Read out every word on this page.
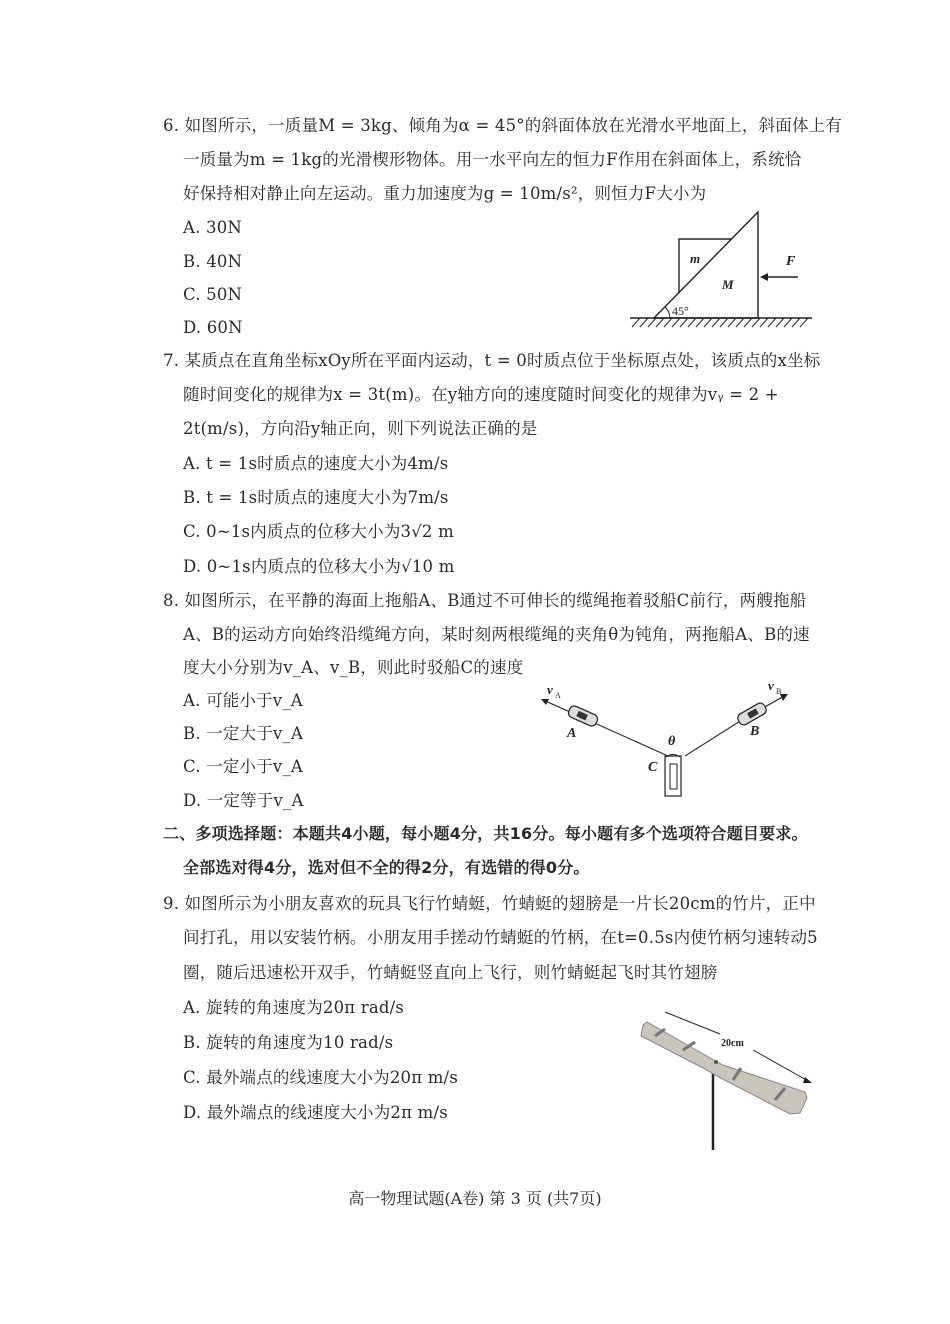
6. 如图所示，一质量M = 3kg、倾角为α = 45°的斜面体放在光滑水平地面上，斜面体上有
一质量为m = 1kg的光滑楔形物体。用一水平向左的恒力F作用在斜面体上，系统恰
好保持相对静止向左运动。重力加速度为g = 10m/s²，则恒力F大小为
A. 30N
B. 40N
C. 50N
D. 60N
45°
m
M
F
7. 某质点在直角坐标xOy所在平面内运动，t = 0时质点位于坐标原点处，该质点的x坐标
随时间变化的规律为x = 3t(m)。在y轴方向的速度随时间变化的规律为vᵧ = 2 +
2t(m/s)，方向沿y轴正向，则下列说法正确的是
A. t = 1s时质点的速度大小为4m/s
B. t = 1s时质点的速度大小为7m/s
C. 0~1s内质点的位移大小为3√2 m
D. 0~1s内质点的位移大小为√10 m
8. 如图所示，在平静的海面上拖船A、B通过不可伸长的缆绳拖着驳船C前行，两艘拖船
A、B的运动方向始终沿缆绳方向，某时刻两根缆绳的夹角θ为钝角，两拖船A、B的速
度大小分别为v_A、v_B，则此时驳船C的速度
A. 可能小于v_A
B. 一定大于v_A
C. 一定小于v_A
D. 一定等于v_A
v A
v B
A	B
C
θ
二、多项选择题：本题共4小题，每小题4分，共16分。每小题有多个选项符合题目要求。
全部选对得4分，选对但不全的得2分，有选错的得0分。
9. 如图所示为小朋友喜欢的玩具飞行竹蜻蜓，竹蜻蜓的翅膀是一片长20cm的竹片，正中
间打孔，用以安装竹柄。小朋友用手搓动竹蜻蜓的竹柄，在t=0.5s内使竹柄匀速转动5
圈，随后迅速松开双手，竹蜻蜓竖直向上飞行，则竹蜻蜓起飞时其竹翅膀
A. 旋转的角速度为20π rad/s
B. 旋转的角速度为10 rad/s
C. 最外端点的线速度大小为20π m/s
D. 最外端点的线速度大小为2π m/s
20cm
高一物理试题(A卷) 第 3 页 (共7页)
